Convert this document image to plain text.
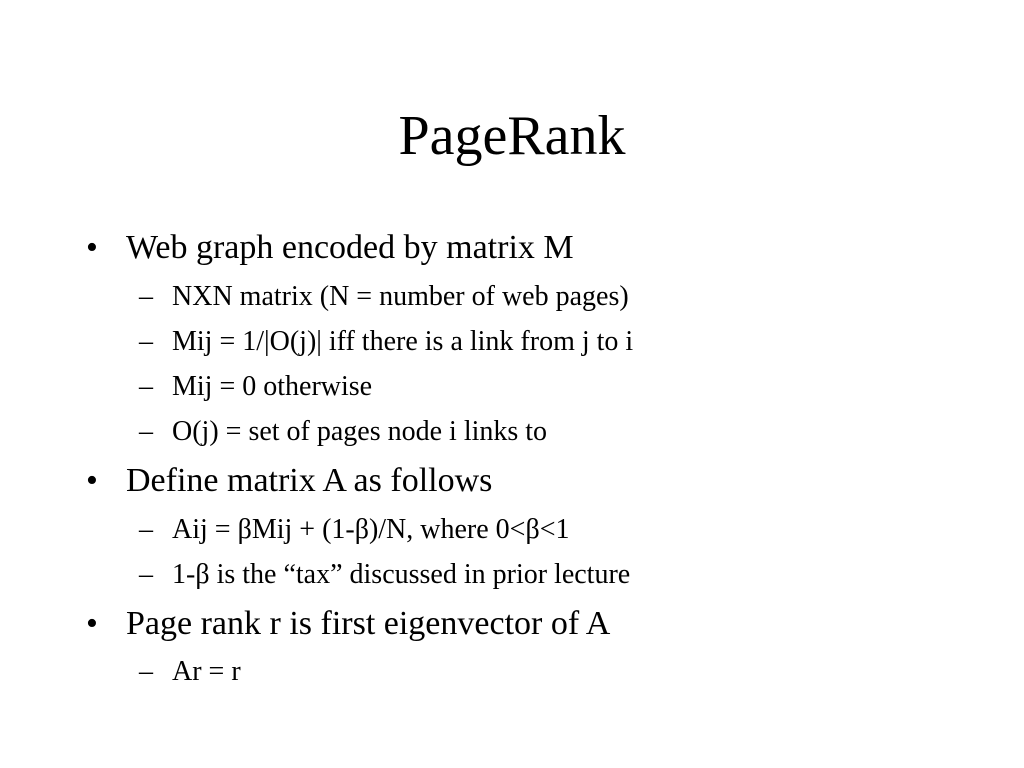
PageRank
• Web graph encoded by matrix M
– NXN matrix (N = number of web pages)
– Mij = 1/|O(j)| iff there is a link from j to i
– Mij = 0 otherwise
– O(j) = set of pages node i links to
• Define matrix A as follows
– Aij = βMij + (1-β)/N, where 0<β<1
– 1-β is the “tax” discussed in prior lecture
• Page rank r is first eigenvector of A
– Ar = r
